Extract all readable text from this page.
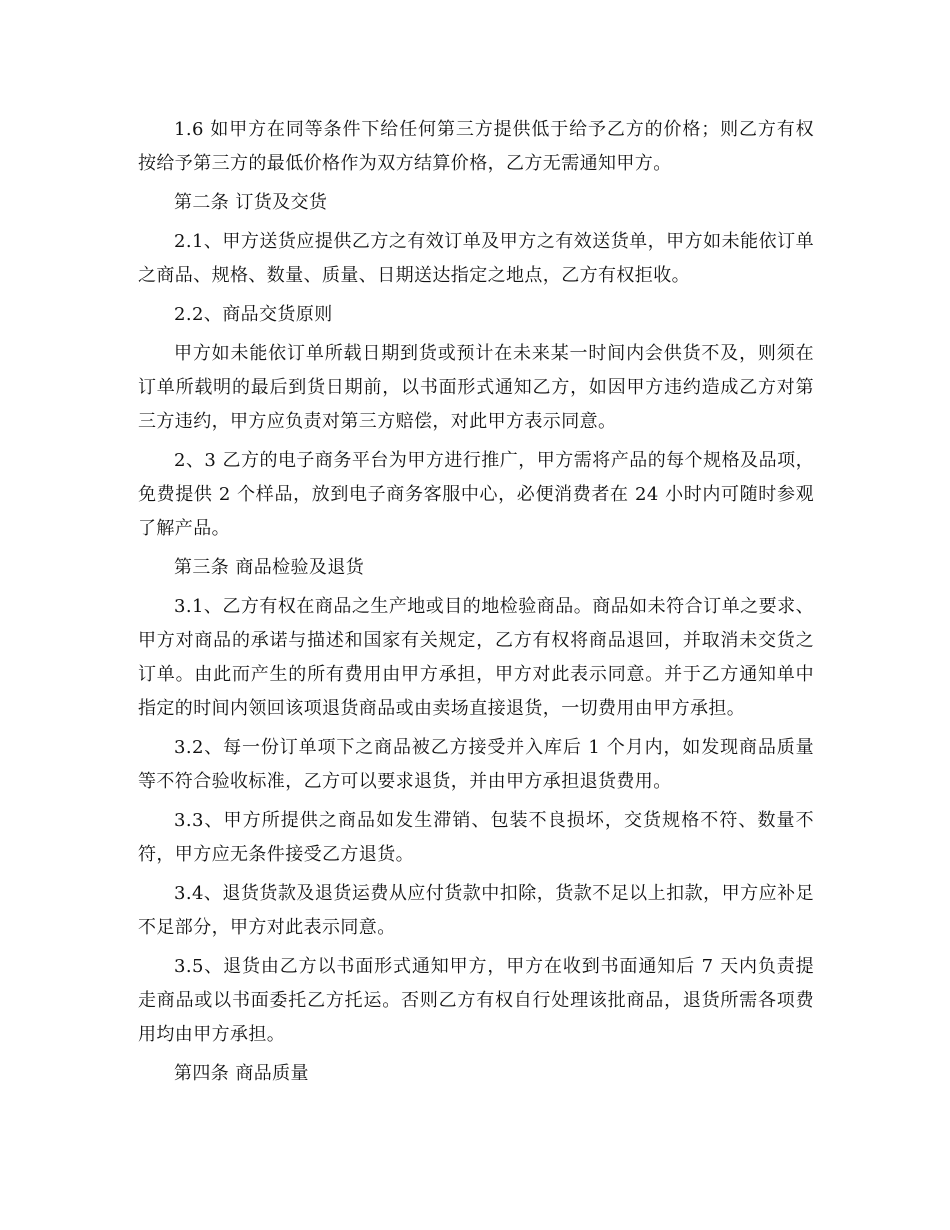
1.6 如甲方在同等条件下给任何第三方提供低于给予乙方的价格；则乙方有权按给予第三方的最低价格作为双方结算价格，乙方无需通知甲方。

第二条 订货及交货

2.1、甲方送货应提供乙方之有效订单及甲方之有效送货单，甲方如未能依订单之商品、规格、数量、质量、日期送达指定之地点，乙方有权拒收。

2.2、商品交货原则

甲方如未能依订单所载日期到货或预计在未来某一时间内会供货不及，则须在订单所载明的最后到货日期前，以书面形式通知乙方，如因甲方违约造成乙方对第三方违约，甲方应负责对第三方赔偿，对此甲方表示同意。

2、3 乙方的电子商务平台为甲方进行推广，甲方需将产品的每个规格及品项，免费提供 2 个样品，放到电子商务客服中心，必便消费者在 24 小时内可随时参观了解产品。

第三条 商品检验及退货

3.1、乙方有权在商品之生产地或目的地检验商品。商品如未符合订单之要求、甲方对商品的承诺与描述和国家有关规定，乙方有权将商品退回，并取消未交货之订单。由此而产生的所有费用由甲方承担，甲方对此表示同意。并于乙方通知单中指定的时间内领回该项退货商品或由卖场直接退货，一切费用由甲方承担。

3.2、每一份订单项下之商品被乙方接受并入库后 1 个月内，如发现商品质量等不符合验收标准，乙方可以要求退货，并由甲方承担退货费用。

3.3、甲方所提供之商品如发生滞销、包装不良损坏，交货规格不符、数量不符，甲方应无条件接受乙方退货。

3.4、退货货款及退货运费从应付货款中扣除，货款不足以上扣款，甲方应补足不足部分，甲方对此表示同意。

3.5、退货由乙方以书面形式通知甲方，甲方在收到书面通知后 7 天内负责提走商品或以书面委托乙方托运。否则乙方有权自行处理该批商品，退货所需各项费用均由甲方承担。

第四条 商品质量
